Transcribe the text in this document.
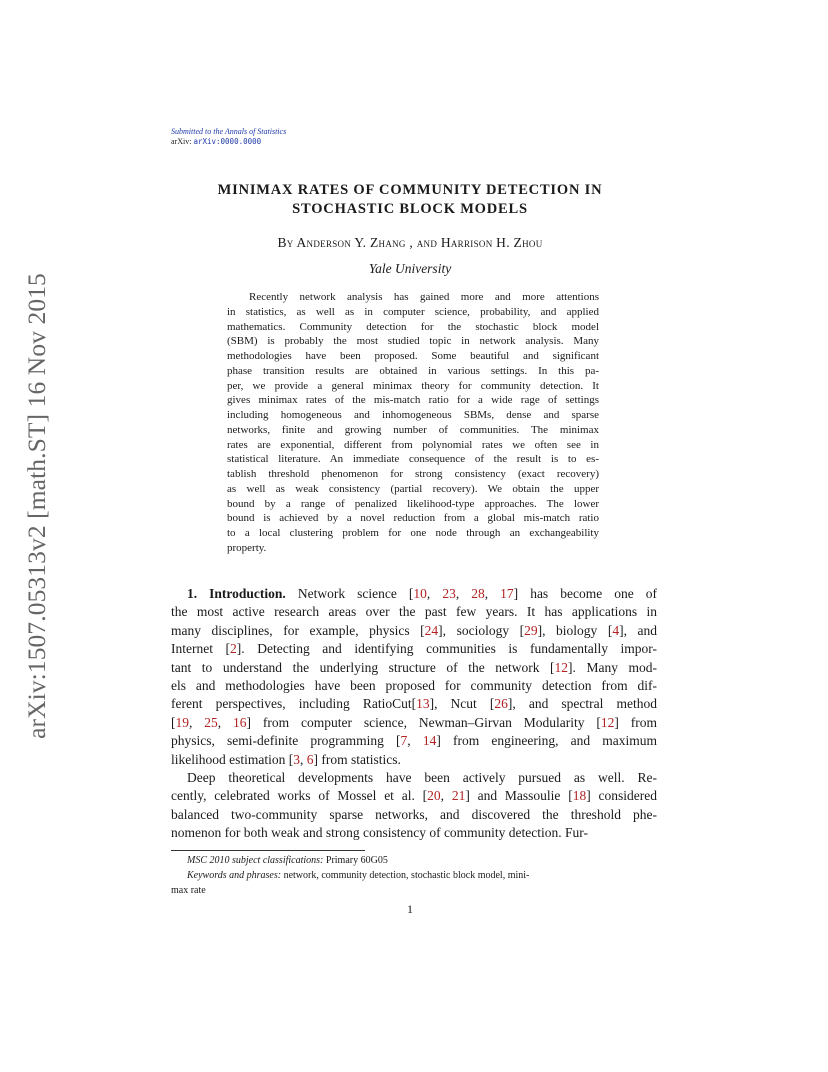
Submitted to the Annals of Statistics
arXiv: arXiv:0000.0000
arXiv:1507.05313v2 [math.ST] 16 Nov 2015
MINIMAX RATES OF COMMUNITY DETECTION IN
STOCHASTIC BLOCK MODELS
By Anderson Y. Zhang , and Harrison H. Zhou
Yale University
Recently network analysis has gained more and more attentions
in statistics, as well as in computer science, probability, and applied
mathematics. Community detection for the stochastic block model
(SBM) is probably the most studied topic in network analysis. Many
methodologies have been proposed. Some beautiful and significant
phase transition results are obtained in various settings. In this pa-
per, we provide a general minimax theory for community detection. It
gives minimax rates of the mis-match ratio for a wide rage of settings
including homogeneous and inhomogeneous SBMs, dense and sparse
networks, finite and growing number of communities. The minimax
rates are exponential, different from polynomial rates we often see in
statistical literature. An immediate consequence of the result is to es-
tablish threshold phenomenon for strong consistency (exact recovery)
as well as weak consistency (partial recovery). We obtain the upper
bound by a range of penalized likelihood-type approaches. The lower
bound is achieved by a novel reduction from a global mis-match ratio
to a local clustering problem for one node through an exchangeability
property.
1. Introduction. Network science [10, 23, 28, 17] has become one of
the most active research areas over the past few years. It has applications in
many disciplines, for example, physics [24], sociology [29], biology [4], and
Internet [2]. Detecting and identifying communities is fundamentally impor-
tant to understand the underlying structure of the network [12]. Many mod-
els and methodologies have been proposed for community detection from dif-
ferent perspectives, including RatioCut[13], Ncut [26], and spectral method
[19, 25, 16] from computer science, Newman–Girvan Modularity [12] from
physics, semi-definite programming [7, 14] from engineering, and maximum
likelihood estimation [3, 6] from statistics.
Deep theoretical developments have been actively pursued as well. Re-
cently, celebrated works of Mossel et al. [20, 21] and Massoulie [18] considered
balanced two-community sparse networks, and discovered the threshold phe-
nomenon for both weak and strong consistency of community detection. Fur-
MSC 2010 subject classifications: Primary 60G05
Keywords and phrases: network, community detection, stochastic block model, mini-
max rate
1
